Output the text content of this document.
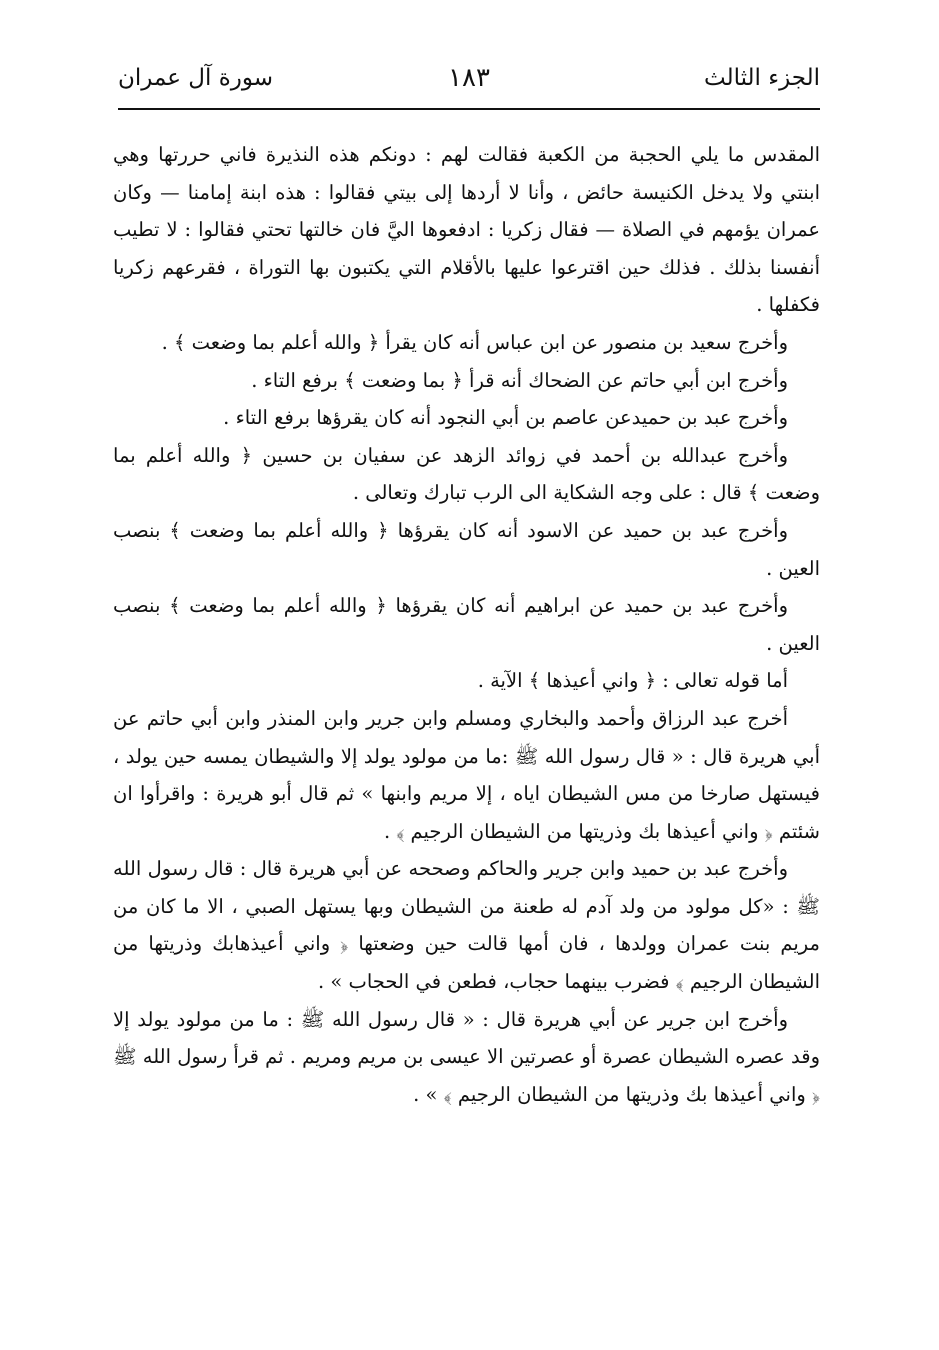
الجزء الثالث
١٨٣
سورة آل عمران

المقدس ما يلي الحجبة من الكعبة فقالت لهم : دونكم هذه النذيرة فاني حررتها وهي ابنتي ولا يدخل الكنيسة حائض ، وأنا لا أردها إلى بيتي فقالوا : هذه ابنة إمامنا — وكان عمران يؤمهم في الصلاة — فقال زكريا : ادفعوها اليَّ فان خالتها تحتي فقالوا : لا تطيب أنفسنا بذلك . فذلك حين اقترعوا عليها بالأقلام التي يكتبون بها التوراة ، فقرعهم زكريا فكفلها .

وأخرج سعيد بن منصور عن ابن عباس أنه كان يقرأ ﴿ والله أعلم بما وضعت ﴾ .

وأخرج ابن أبي حاتم عن الضحاك أنه قرأ ﴿ بما وضعت ﴾ برفع التاء .

وأخرج عبد بن حميدعن عاصم بن أبي النجود أنه كان يقرؤها برفع التاء .

وأخرج عبدالله بن أحمد في زوائد الزهد عن سفيان بن حسين ﴿ والله أعلم بما وضعت ﴾ قال : على وجه الشكاية الى الرب تبارك وتعالى .

وأخرج عبد بن حميد عن الاسود أنه كان يقرؤها ﴿ والله أعلم بما وضعت ﴾ بنصب العين .

وأخرج عبد بن حميد عن ابراهيم أنه كان يقرؤها ﴿ والله أعلم بما وضعت ﴾ بنصب العين .

أما قوله تعالى : ﴿ واني أعيذها ﴾ الآية .

أخرج عبد الرزاق وأحمد والبخاري ومسلم وابن جرير وابن المنذر وابن أبي حاتم عن أبي هريرة قال : « قال رسول الله ﷺ :ما من مولود يولد إلا والشيطان يمسه حين يولد ، فيستهل صارخا من مس الشيطان اياه ، إلا مريم وابنها » ثم قال أبو هريرة : واقرأوا ان شئتم ﴿ واني أعيذها بك وذريتها من الشيطان الرجيم ﴾ .

وأخرج عبد بن حميد وابن جرير والحاكم وصححه عن أبي هريرة قال : قال رسول الله ﷺ : «كل مولود من ولد آدم له طعنة من الشيطان وبها يستهل الصبي ، الا ما كان من مريم بنت عمران وولدها ، فان أمها قالت حين وضعتها ﴿ واني أعيذهابك وذريتها من الشيطان الرجيم ﴾ فضرب بينهما حجاب، فطعن في الحجاب » .

وأخرج ابن جرير عن أبي هريرة قال : « قال رسول الله ﷺ : ما من مولود يولد إلا وقد عصره الشيطان عصرة أو عصرتين الا عيسى بن مريم ومريم . ثم قرأ رسول الله ﷺ ﴿ واني أعيذها بك وذريتها من الشيطان الرجيم ﴾ » .
